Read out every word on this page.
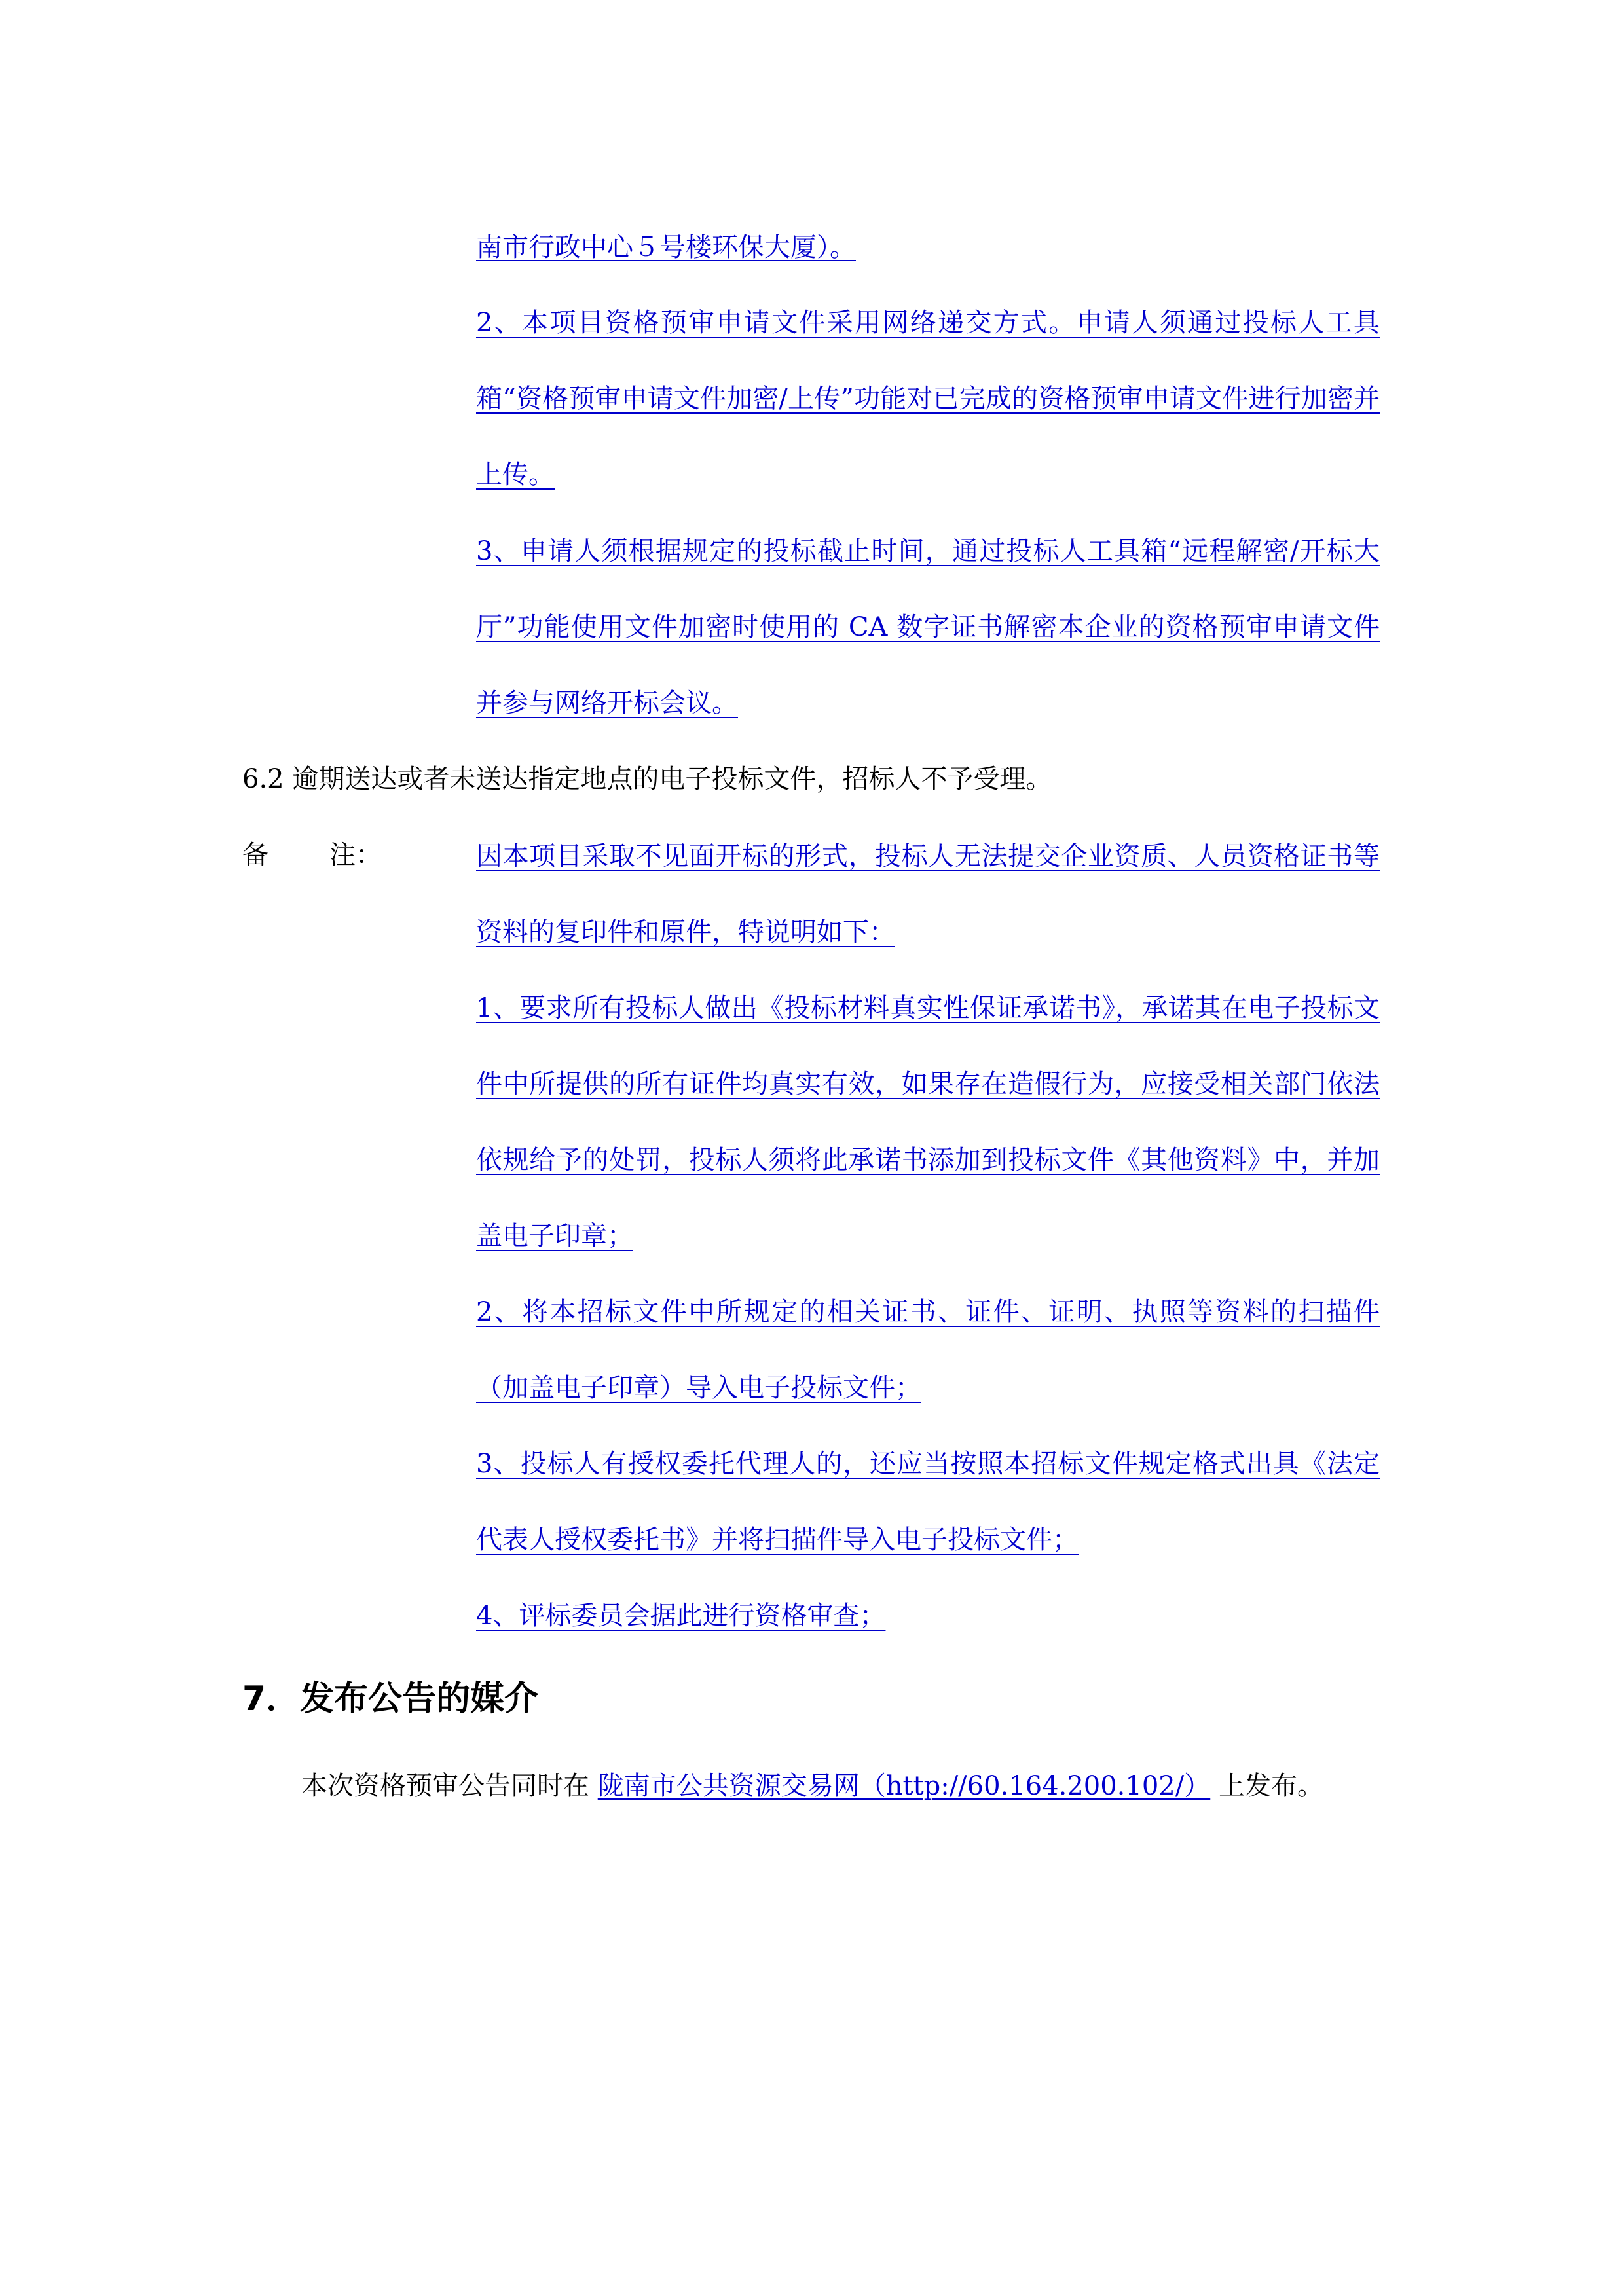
南市行政中心５号楼环保大厦）。

2、本项目资格预审申请文件采用网络递交方式。申请人须通过投标人工具箱“资格预审申请文件加密/上传”功能对已完成的资格预审申请文件进行加密并上传。

3、申请人须根据规定的投标截止时间，通过投标人工具箱“远程解密/开标大厅”功能使用文件加密时使用的 CA 数字证书解密本企业的资格预审申请文件并参与网络开标会议。

6.2 逾期送达或者未送达指定地点的电子投标文件，招标人不予受理。
备 注：	因本项目采取不见面开标的形式，投标人无法提交企业资质、人员资格证书等资料的复印件和原件，特说明如下：

1、要求所有投标人做出《投标材料真实性保证承诺书》，承诺其在电子投标文件中所提供的所有证件均真实有效，如果存在造假行为，应接受相关部门依法依规给予的处罚，投标人须将此承诺书添加到投标文件《其他资料》中，并加盖电子印章；

2、将本招标文件中所规定的相关证书、证件、证明、执照等资料的扫描件（加盖电子印章）导入电子投标文件；

3、投标人有授权委托代理人的，还应当按照本招标文件规定格式出具《法定代表人授权委托书》并将扫描件导入电子投标文件；

4、评标委员会据此进行资格审查；

7．发布公告的媒介
本次资格预审公告同时在 陇南市公共资源交易网（http://60.164.200.102/） 上发布。
